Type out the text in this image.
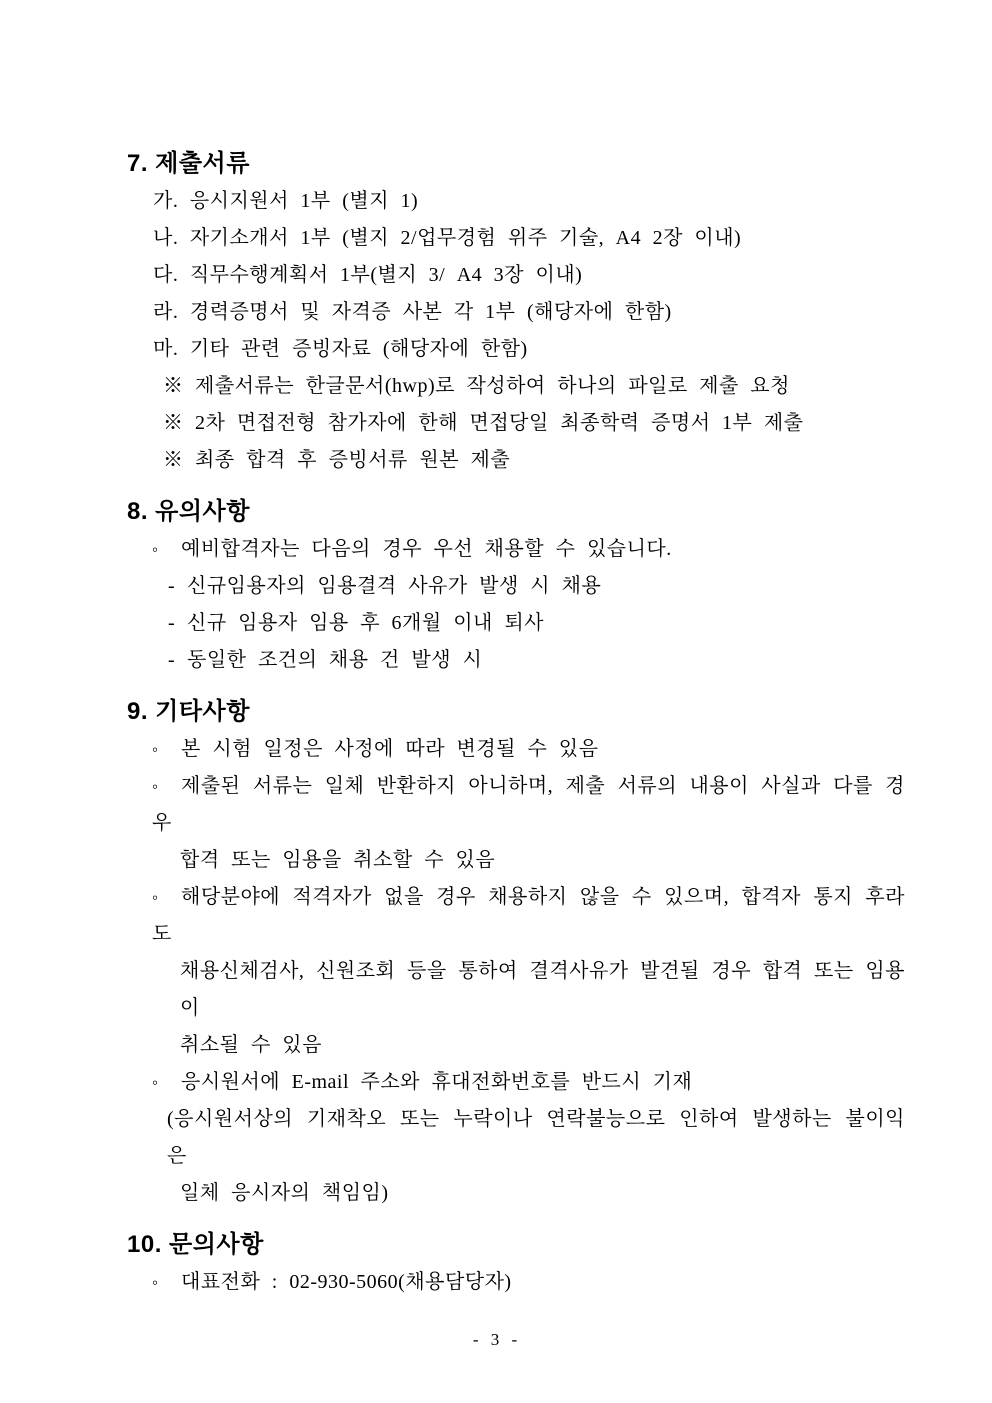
7. 제출서류
가. 응시지원서 1부 (별지 1)
나. 자기소개서 1부 (별지 2/업무경험 위주 기술, A4 2장 이내)
다. 직무수행계획서 1부(별지 3/ A4 3장 이내)
라. 경력증명서 및 자격증 사본 각 1부 (해당자에 한함)
마. 기타 관련 증빙자료 (해당자에 한함)
※ 제출서류는 한글문서(hwp)로 작성하여 하나의 파일로 제출 요청
※ 2차 면접전형 참가자에 한해 면접당일 최종학력 증명서 1부 제출
※ 최종 합격 후 증빙서류 원본 제출
8. 유의사항
◦ 예비합격자는 다음의 경우 우선 채용할 수 있습니다.
- 신규임용자의 임용결격 사유가 발생 시 채용
- 신규 임용자 임용 후 6개월 이내 퇴사
- 동일한 조건의 채용 건 발생 시
9. 기타사항
◦ 본 시험 일정은 사정에 따라 변경될 수 있음
◦ 제출된 서류는 일체 반환하지 아니하며, 제출 서류의 내용이 사실과 다를 경우
합격 또는 임용을 취소할 수 있음
◦ 해당분야에 적격자가 없을 경우 채용하지 않을 수 있으며, 합격자 통지 후라도
채용신체검사, 신원조회 등을 통하여 결격사유가 발견될 경우 합격 또는 임용이
취소될 수 있음
◦ 응시원서에 E-mail 주소와 휴대전화번호를 반드시 기재
(응시원서상의 기재착오 또는 누락이나 연락불능으로 인하여 발생하는 불이익은
일체 응시자의 책임임)
10. 문의사항
◦ 대표전화 : 02-930-5060(채용담당자)
- 3 -
